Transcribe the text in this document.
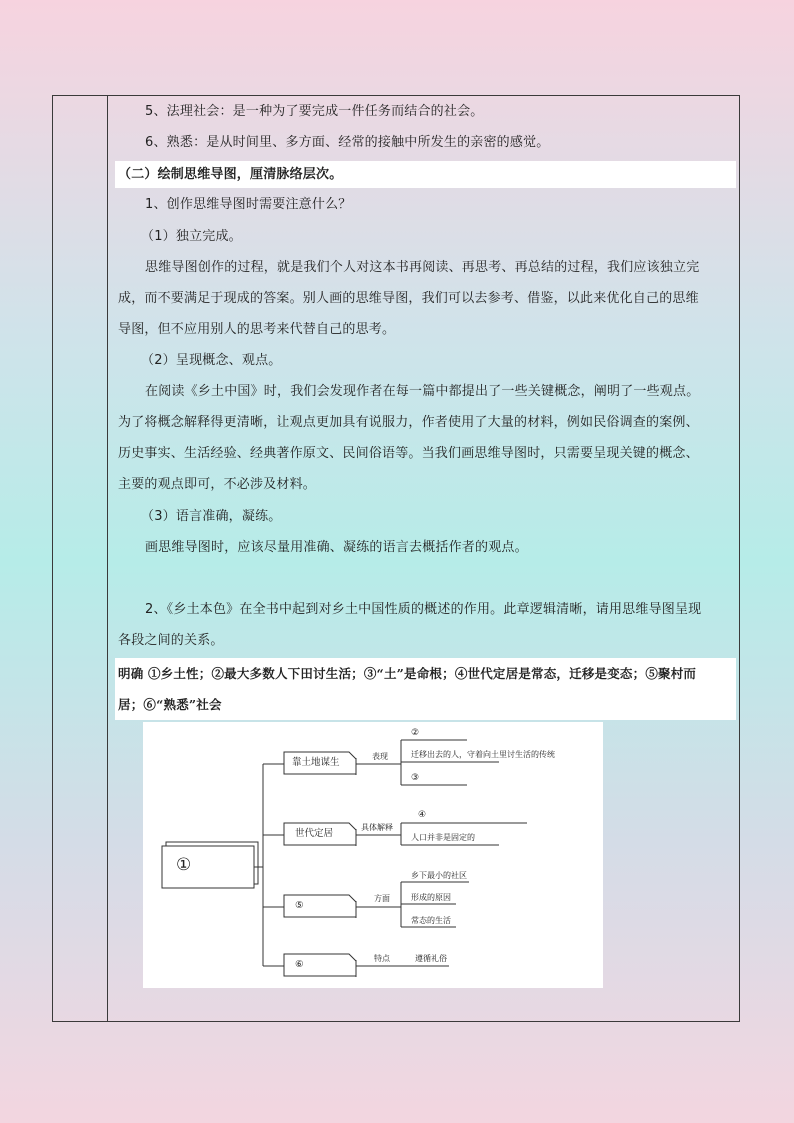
5、法理社会：是一种为了要完成一件任务而结合的社会。
6、熟悉：是从时间里、多方面、经常的接触中所发生的亲密的感觉。
（二）绘制思维导图，厘清脉络层次。
1、创作思维导图时需要注意什么？
（1）独立完成。
思维导图创作的过程，就是我们个人对这本书再阅读、再思考、再总结的过程，我们应该独立完
成，而不要满足于现成的答案。别人画的思维导图，我们可以去参考、借鉴，以此来优化自己的思维
导图，但不应用别人的思考来代替自己的思考。
（2）呈现概念、观点。
在阅读《乡土中国》时，我们会发现作者在每一篇中都提出了一些关键概念，阐明了一些观点。
为了将概念解释得更清晰，让观点更加具有说服力，作者使用了大量的材料，例如民俗调查的案例、
历史事实、生活经验、经典著作原文、民间俗语等。当我们画思维导图时，只需要呈现关键的概念、
主要的观点即可，不必涉及材料。
（3）语言准确，凝练。
画思维导图时，应该尽量用准确、凝练的语言去概括作者的观点。
2、《乡土本色》在全书中起到对乡土中国性质的概述的作用。此章逻辑清晰，请用思维导图呈现
各段之间的关系。
明确 ①乡土性；②最大多数人下田讨生活；③“土”是命根；④世代定居是常态，迁移是变态；⑤聚村而
居；⑥“熟悉”社会
①
靠土地谋生
世代定居
⑤
⑥
表现
具体解释
方面
特点
②
迁移出去的人，守着向土里讨生活的传统
③
④
人口并非是固定的
乡下最小的社区
形成的原因
常态的生活
遵循礼俗
